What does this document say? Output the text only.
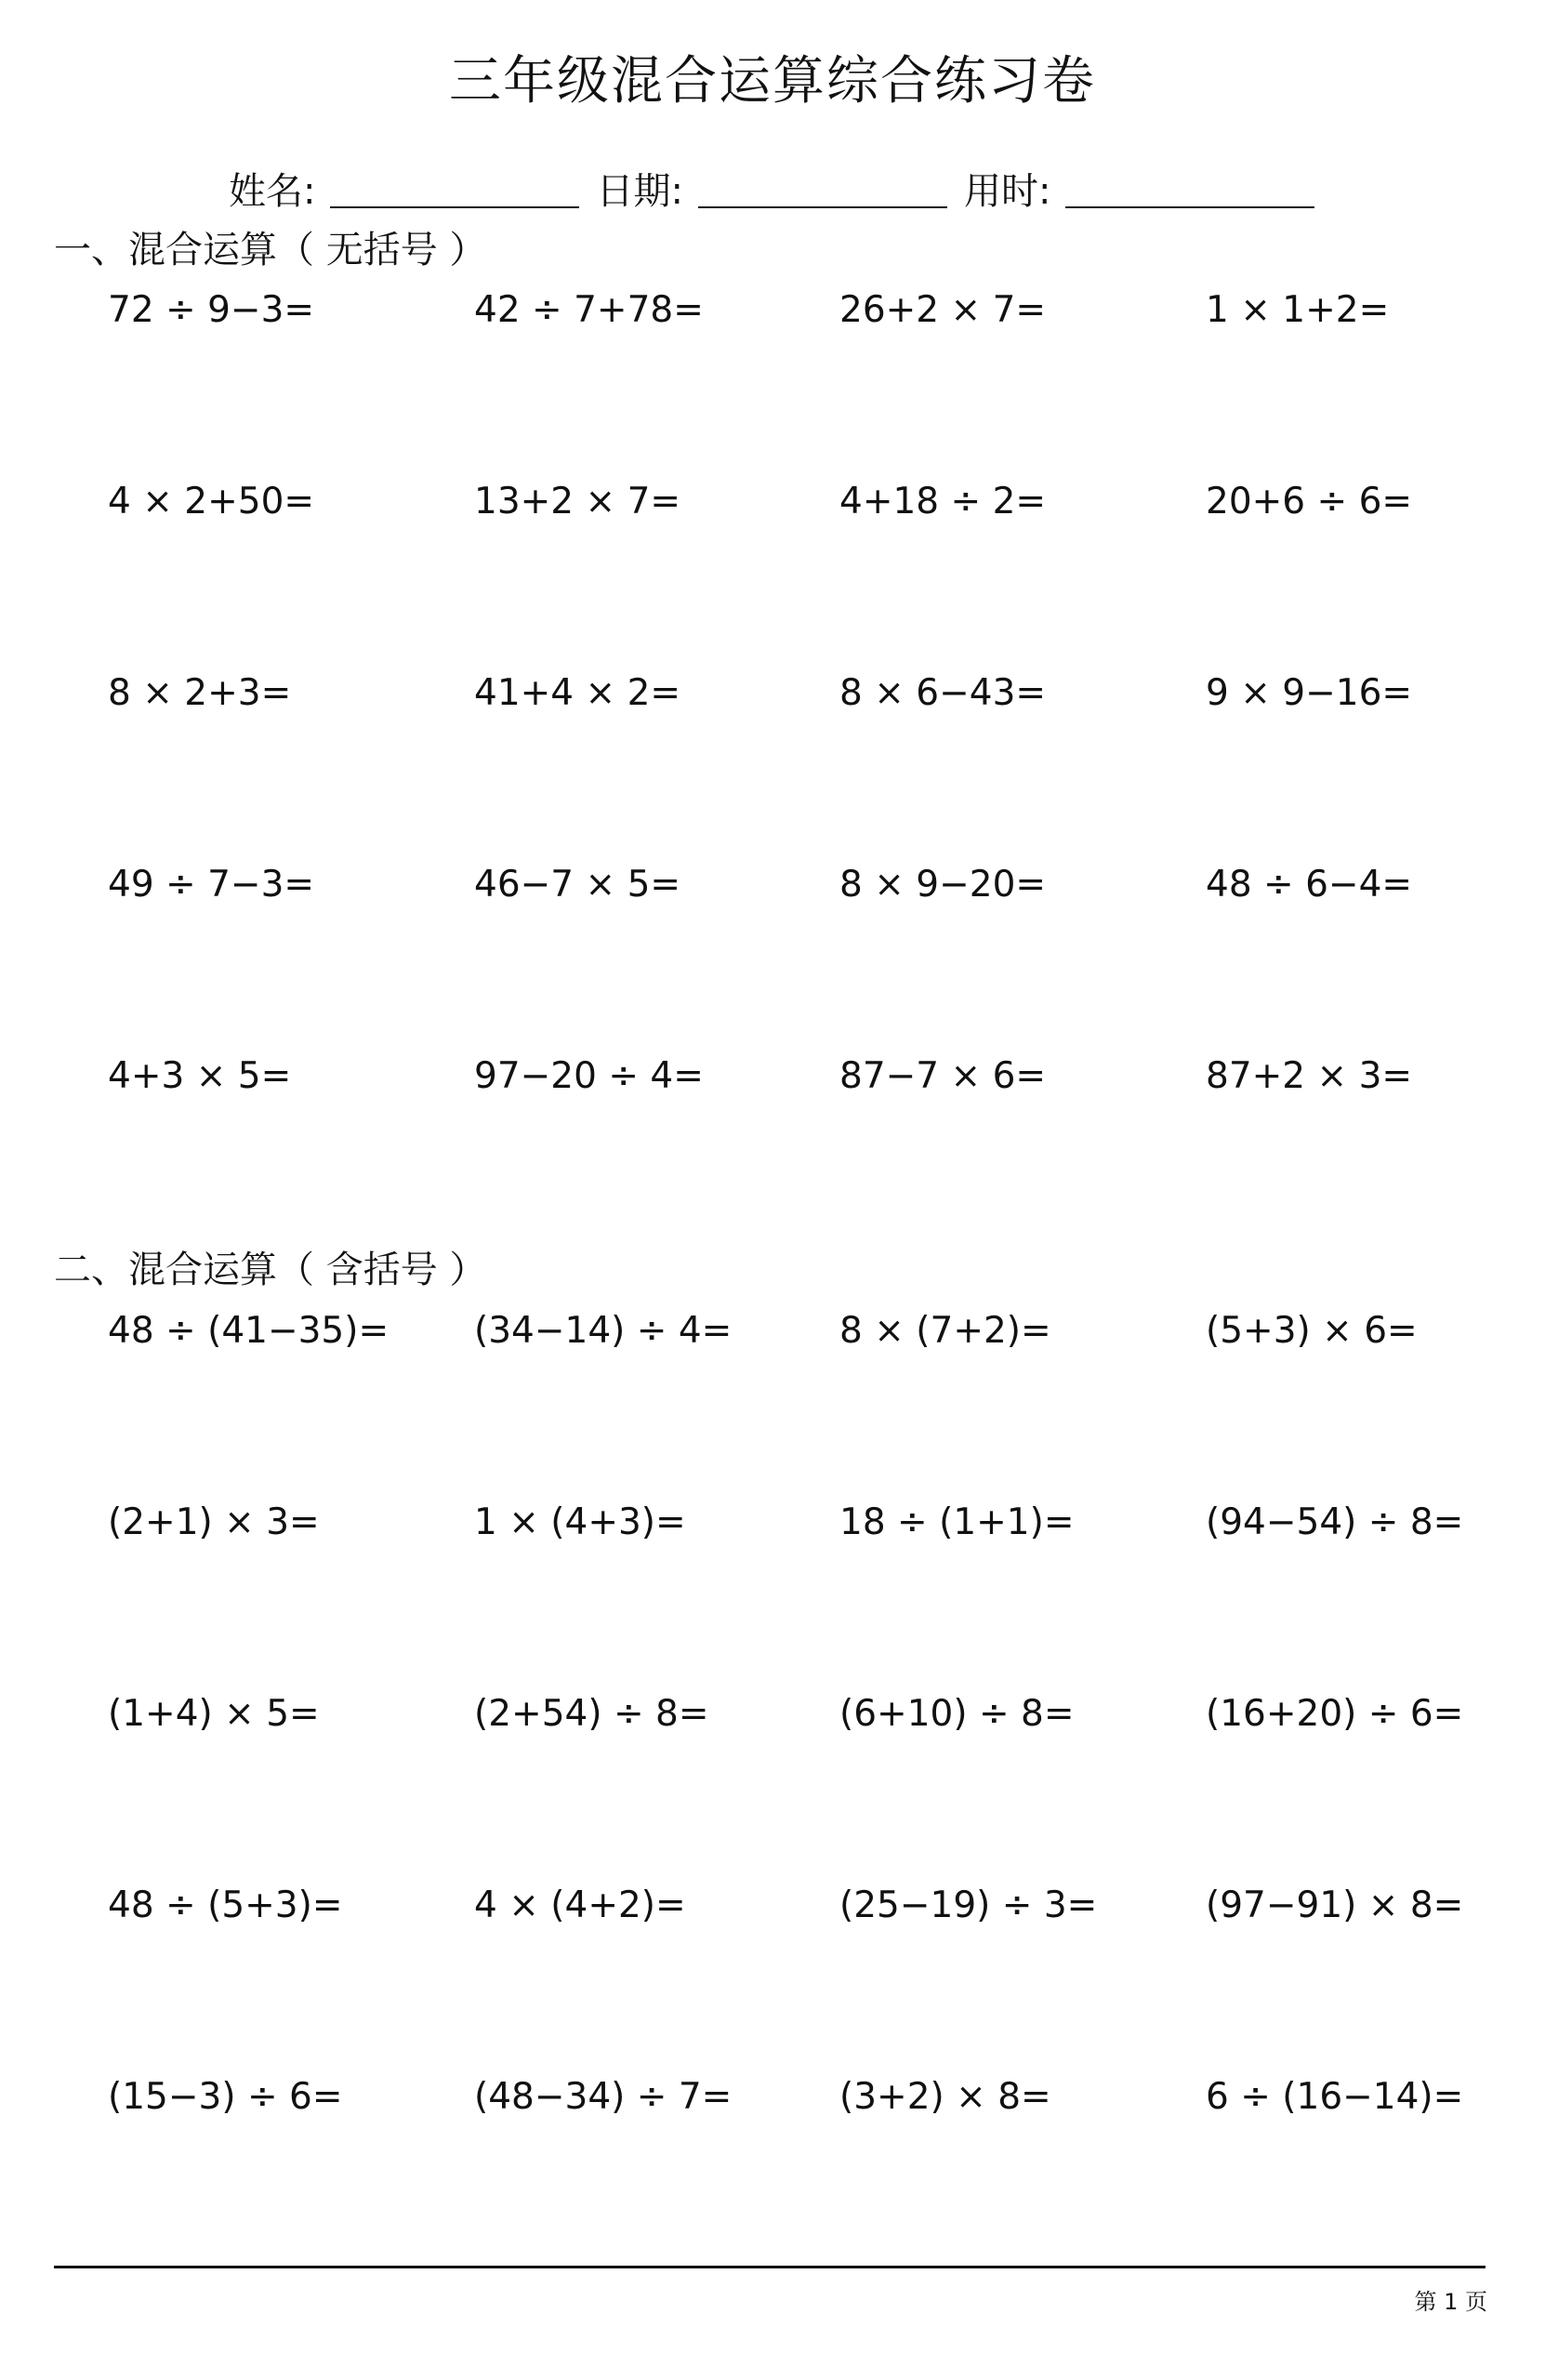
三年级混合运算综合练习卷
姓名:	日期:	用时:
一、混合运算（ 无括号 ）
72 ÷ 9−3=	42 ÷ 7+78=	26+2 × 7=	1 × 1+2=
4 × 2+50=	13+2 × 7=	4+18 ÷ 2=	20+6 ÷ 6=
8 × 2+3=	41+4 × 2=	8 × 6−43=	9 × 9−16=
49 ÷ 7−3=	46−7 × 5=	8 × 9−20=	48 ÷ 6−4=
4+3 × 5=	97−20 ÷ 4=	87−7 × 6=	87+2 × 3=
二、混合运算（ 含括号 ）
48 ÷ (41−35)= (34−14) ÷ 4=	8 × (7+2)=	(5+3) × 6=
(2+1) × 3=	1 × (4+3)=	18 ÷ (1+1)=	(94−54) ÷ 8=
(1+4) × 5=	(2+54) ÷ 8=	(6+10) ÷ 8=	(16+20) ÷ 6=
48 ÷ (5+3)=	4 × (4+2)=	(25−19) ÷ 3=	(97−91) × 8=
(15−3) ÷ 6=	(48−34) ÷ 7=	(3+2) × 8=	6 ÷ (16−14)=
第 1 页
